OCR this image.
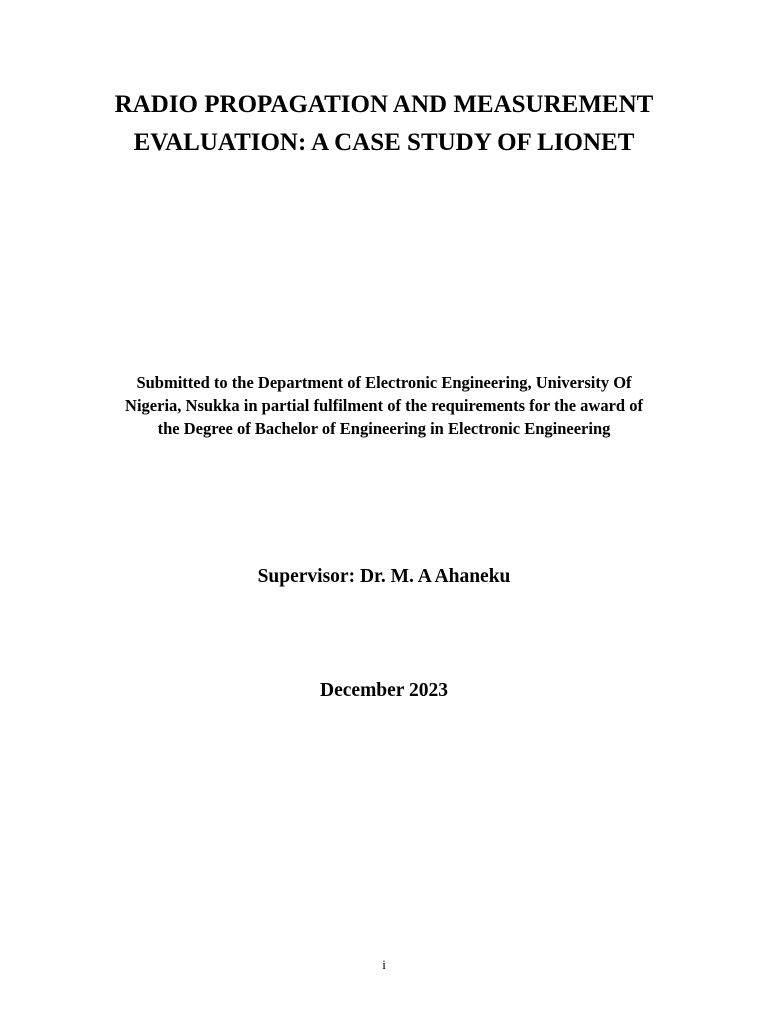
RADIO PROPAGATION AND MEASUREMENT
EVALUATION: A CASE STUDY OF LIONET
Submitted to the Department of Electronic Engineering, University Of
Nigeria, Nsukka in partial fulfilment of the requirements for the award of
the Degree of Bachelor of Engineering in Electronic Engineering
Supervisor: Dr. M. A Ahaneku
December 2023
i
